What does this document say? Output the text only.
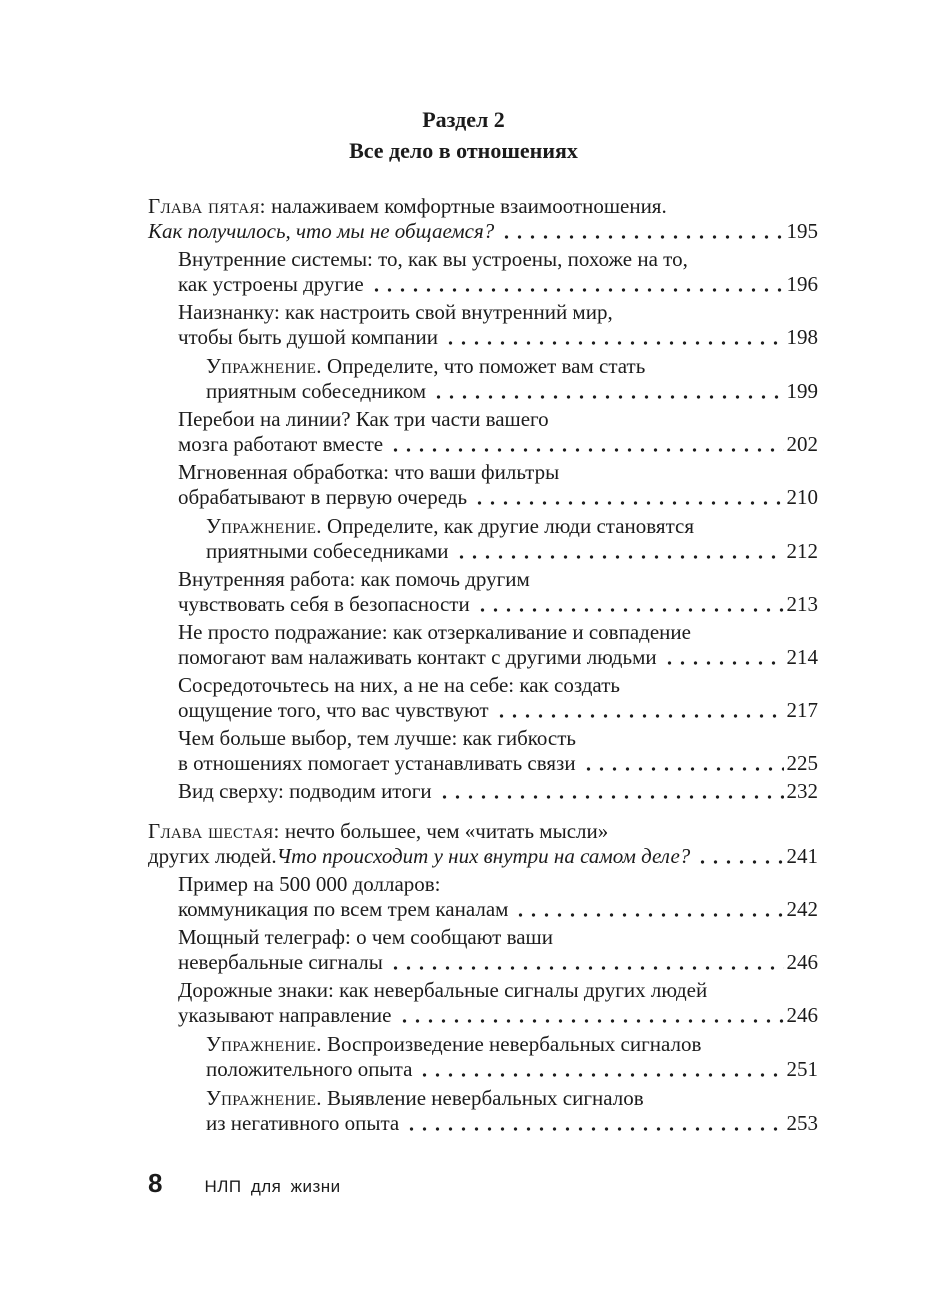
Раздел 2
Все дело в отношениях
Глава пятая: налаживаем комфортные взаимоотношения.
Как получилось, что мы не общаемся?	195
Внутренние системы: то, как вы устроены, похоже на то,
как устроены другие	196
Наизнанку: как настроить свой внутренний мир,
чтобы быть душой компании	198
Упражнение. Определите, что поможет вам стать
приятным собеседником	199
Перебои на линии? Как три части вашего
мозга работают вместе	202
Мгновенная обработка: что ваши фильтры
обрабатывают в первую очередь	210
Упражнение. Определите, как другие люди становятся
приятными собеседниками	212
Внутренняя работа: как помочь другим
чувствовать себя в безопасности	213
Не просто подражание: как отзеркаливание и совпадение
помогают вам налаживать контакт с другими людьми	214
Сосредоточьтесь на них, а не на себе: как создать
ощущение того, что вас чувствуют	217
Чем больше выбор, тем лучше: как гибкость
в отношениях помогает устанавливать связи	225
Вид сверху: подводим итоги	232
Глава шестая: нечто большее, чем «читать мысли»
других людей. Что происходит у них внутри на самом деле?	241
Пример на 500 000 долларов:
коммуникация по всем трем каналам	242
Мощный телеграф: о чем сообщают ваши
невербальные сигналы	246
Дорожные знаки: как невербальные сигналы других людей
указывают направление	246
Упражнение. Воспроизведение невербальных сигналов
положительного опыта	251
Упражнение. Выявление невербальных сигналов
из негативного опыта	253
8 НЛП для жизни
